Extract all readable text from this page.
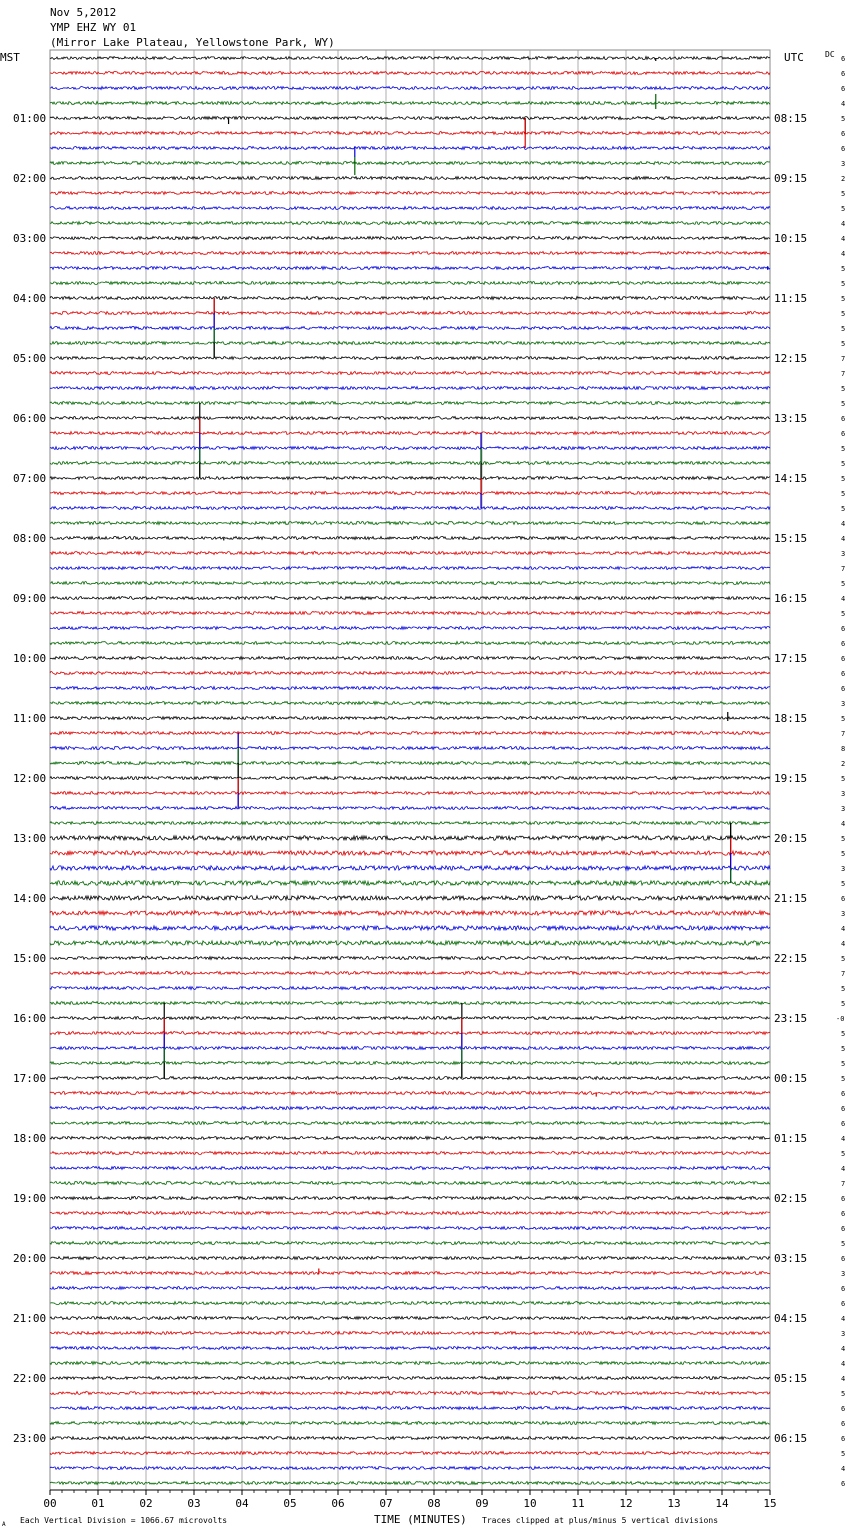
Nov 5,2012
YMP EHZ WY 01
(Mirror Lake Plateau, Yellowstone Park, WY)
MST	UTC	DC
01:00
02:00
03:00
04:00
05:00
06:00
07:00
08:00
09:00
10:00
11:00
12:00
13:00
14:00
15:00
16:00
17:00
18:00
19:00
20:00
21:00
22:00
23:00
08:15
09:15
10:15
11:15
12:15
13:15
14:15
15:15
16:15
17:15
18:15
19:15
20:15
21:15
22:15
23:15
00:15
01:15
02:15
03:15
04:15
05:15
06:15
6
6
6
4
5
6
6
3
2
5
5
4
4
4
5
5
5
5
5
5
7
7
5
5
6
6
5
5
5
5
5
4
4
3
7
5
4
5
6
6
6
6
6
3
5
7
8
2
5
3
3
4
5
5
3
5
6
3
4
4
5
7
5
5
-0
5
5
5
5
6
6
6
4
5
4
7
6
6
6
5
6
3
6
6
4
3
4
4
4
5
6
6
6
5
4
6
00	01	02	03	04	05	06	07	08	09	10	11	12	13	14	15
A Each Vertical Division = 1066.67 microvolts	TIME (MINUTES) Traces clipped at plus/minus 5 vertical divisions
